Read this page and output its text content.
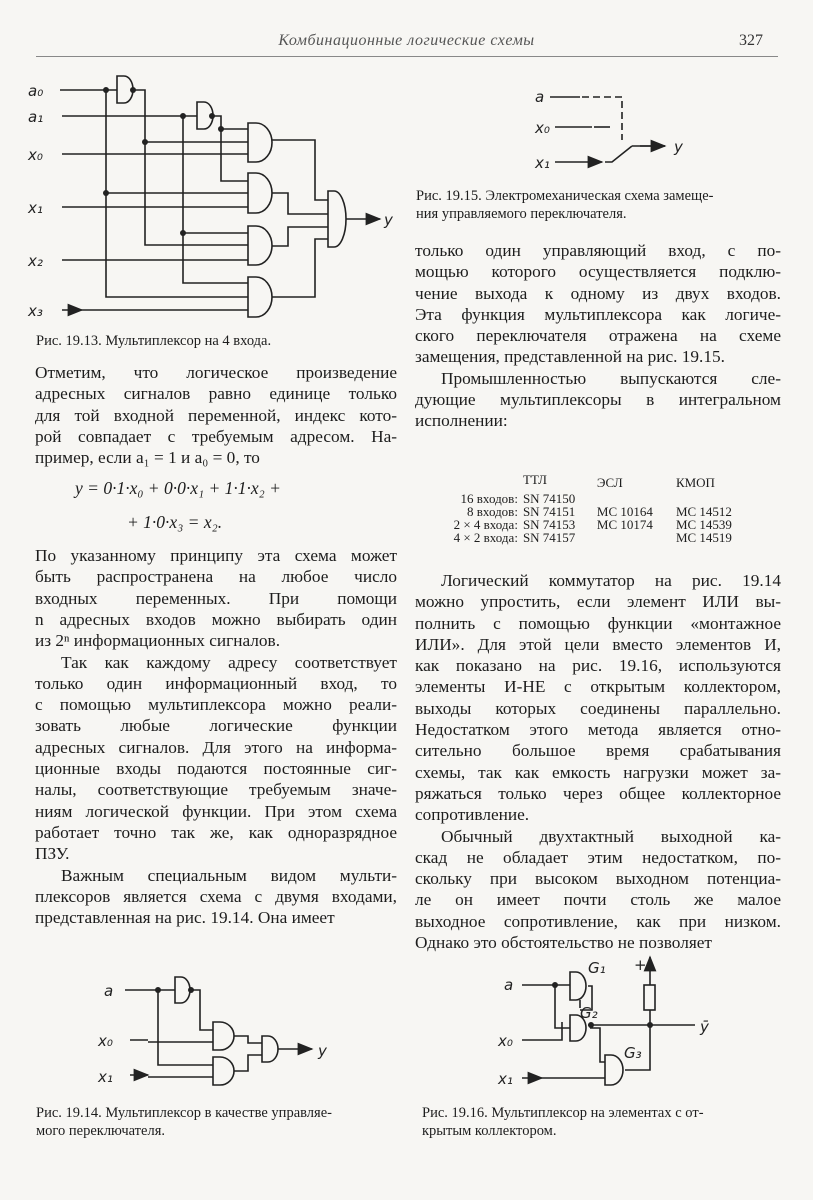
Комбинационные логические схемы	327
a₀
a₁
x₀
x₁
x₂
x₃
y
a
x₀
x₁
y
a
x₀
x₁
y
a
x₀
x₁
G₁
G₂
G₃
+
ȳ
Рис. 19.13. Мультиплексор на 4 входа.
Рис. 19.15. Электромеханическая схема замеще-
ния управляемого переключателя.
Рис. 19.14. Мультиплексор в качестве управляе-
мого переключателя.
Рис. 19.16. Мультиплексор на элементах с от-
крытым коллектором.
Отметим, что логическое произведение
адресных сигналов равно единице только
для той входной переменной, индекс кото-
рой совпадает с требуемым адресом. На-
пример, если a₁ = 1 и a₀ = 0, то
y = 0·1·x₀ + 0·0·x₁ + 1·1·x₂ +
+ 1·0·x₃ = x₂.
По указанному принципу эта схема может
быть распространена на любое число
входных переменных. При помощи
n адресных входов можно выбирать один
из 2ⁿ информационных сигналов.
Так как каждому адресу соответствует
только один информационный вход, то
с помощью мультиплексора можно реали-
зовать любые логические функции
адресных сигналов. Для этого на информа-
ционные входы подаются постоянные сиг-
налы, соответствующие требуемым значе-
ниям логической функции. При этом схема
работает точно так же, как одноразрядное
ПЗУ.
Важным специальным видом мульти-
плексоров является схема с двумя входами,
представленная на рис. 19.14. Она имеет
только один управляющий вход, с по-
мощью которого осуществляется подклю-
чение выхода к одному из двух входов.
Эта функция мультиплексора как логиче-
ского переключателя отражена на схеме
замещения, представленной на рис. 19.15.
Промышленностью выпускаются сле-
дующие мультиплексоры в интегральном
исполнении:
	ТТЛ	ЭСЛ	КМОП
16 входов:	SN 74150		
8 входов:	SN 74151	MC 10164	MC 14512
2 × 4 входа:	SN 74153	MC 10174	MC 14539
4 × 2 входа:	SN 74157		MC 14519
Логический коммутатор на рис. 19.14
можно упростить, если элемент ИЛИ вы-
полнить с помощью функции «монтажное
ИЛИ». Для этой цели вместо элементов И,
как показано на рис. 19.16, используются
элементы И-НЕ с открытым коллектором,
выходы которых соединены параллельно.
Недостатком этого метода является отно-
сительно большое время срабатывания
схемы, так как емкость нагрузки может за-
ряжаться только через общее коллекторное
сопротивление.
Обычный двухтактный выходной ка-
скад не обладает этим недостатком, по-
скольку при высоком выходном потенциа-
ле он имеет почти столь же малое
выходное сопротивление, как при низком.
Однако это обстоятельство не позволяет
